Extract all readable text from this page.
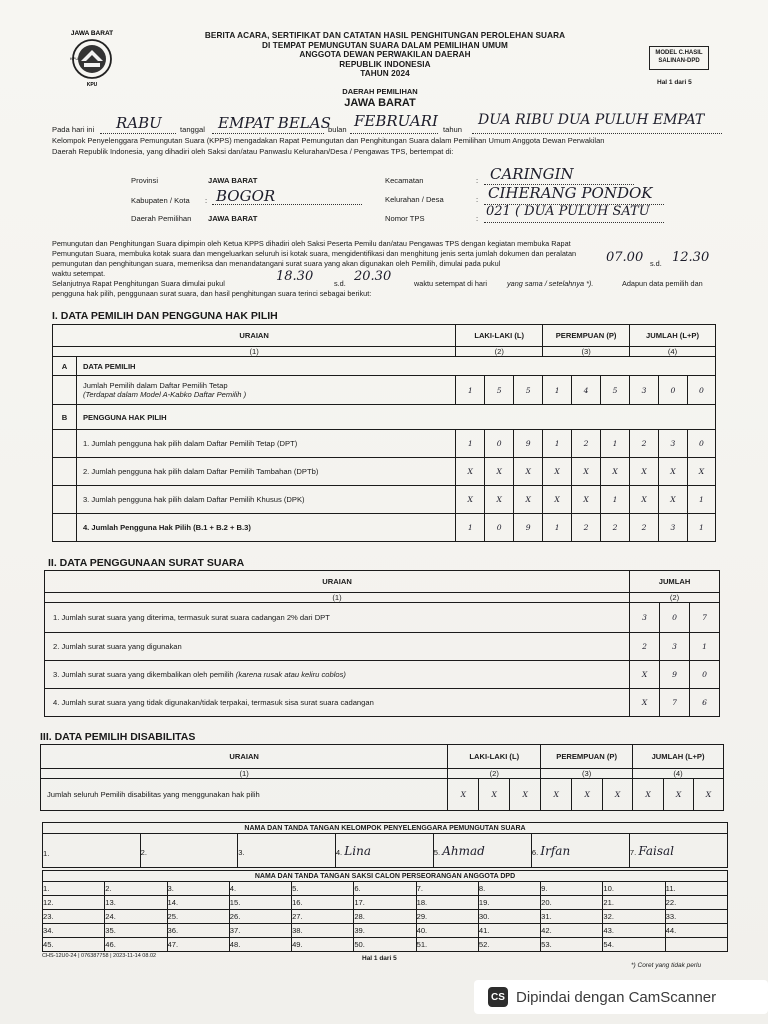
JAWA BARAT
KPU
KPU
BERITA ACARA, SERTIFIKAT DAN CATATAN HASIL PENGHITUNGAN PEROLEHAN SUARA
DI TEMPAT PEMUNGUTAN SUARA DALAM PEMILIHAN UMUM
ANGGOTA DEWAN PERWAKILAN DAERAH
REPUBLIK INDONESIA
TAHUN 2024
MODEL C.HASIL
SALINAN-DPD
Hal 1 dari 5
DAERAH PEMILIHAN
JAWA BARAT
Pada hari ini RABU tanggal EMPAT BELAS
bulan FEBRUARI tahun
DUA RIBU DUA PULUH EMPAT
Kelompok Penyelenggara Pemungutan Suara (KPPS) mengadakan Rapat Pemungutan dan Penghitungan Suara dalam Pemilihan Umum Anggota Dewan Perwakilan
Daerah Republik Indonesia, yang dihadiri oleh Saksi dan/atau Panwaslu Kelurahan/Desa / Pengawas TPS, bertempat di:
Provinsi	JAWA BARAT
Kabupaten / Kota : BOGOR
Daerah Pemilihan JAWA BARAT
Kecamatan	: CARINGIN
Kelurahan / Desa	: CIHERANG PONDOK
Nomor TPS	: 021 ( DUA PULUH SATU
Pemungutan dan Penghitungan Suara dipimpin oleh Ketua KPPS dihadiri oleh Saksi Peserta Pemilu dan/atau Pengawas TPS dengan kegiatan membuka Rapat
Pemungutan Suara, membuka kotak suara dan mengeluarkan seluruh isi kotak suara, mengidentifikasi dan menghitung jenis serta jumlah dokumen dan peralatan
pemungutan dan penghitungan suara, memeriksa dan menandatangani surat suara yang akan digunakan oleh Pemilih, dimulai pada pukul	07.00 s.d. 12.30
waktu setempat.
Selanjutnya Rapat Penghitungan Suara dimulai pukul	18.30	s.d. 20.30	waktu setempat di hari	yang sama / setelahnya *).	Adapun data pemilih dan
pengguna hak pilih, penggunaan surat suara, dan hasil penghitungan suara terinci sebagai berikut:
I. DATA PEMILIH DAN PENGGUNA HAK PILIH
URAIAN		LAKI-LAKI (L)			PEREMPUAN (P)			JUMLAH (L+P)		
(1)		(2)			(3)			(4)		
A	DATA PEMILIH									

	Jumlah Pemilih dalam Daftar Pemilih Tetap
(Terdapat dalam Model A-Kabko Daftar Pemilih )	1	5	5	1	4	5	3	0	0
B	PENGGUNA HAK PILIH									
	1. Jumlah pengguna hak pilih dalam Daftar Pemilih Tetap (DPT)	1	0	9	1	2	1	2	3	0
	2. Jumlah pengguna hak pilih dalam Daftar Pemilih Tambahan (DPTb)	X	X	X	X	X	X	X	X	X
	3. Jumlah pengguna hak pilih dalam Daftar Pemilih Khusus (DPK)	X	X	X	X	X	1	X	X	1
	4. Jumlah Pengguna Hak Pilih (B.1 + B.2 + B.3)	1	0	9	1	2	2	2	3	1
II. DATA PENGGUNAAN SURAT SUARA
URAIAN	JUMLAH		
(1)	(2)		
1. Jumlah surat suara yang diterima, termasuk surat suara cadangan 2% dari DPT	3	0	7
2. Jumlah surat suara yang digunakan	2	3	1
3. Jumlah surat suara yang dikembalikan oleh pemilih (karena rusak atau keliru coblos)	X	9	0
4. Jumlah surat suara yang tidak digunakan/tidak terpakai, termasuk sisa surat suara cadangan	X	7	6
III. DATA PEMILIH DISABILITAS
URAIAN	LAKI-LAKI (L)			PEREMPUAN (P)			JUMLAH (L+P)		
(1)	(2)			(3)			(4)		
Jumlah seluruh Pemilih disabilitas yang menggunakan hak pilih	X	X	X	X	X	X	X	X	X
NAMA DAN TANDA TANGAN KELOMPOK PENYELENGGARA PEMUNGUTAN SUARA
1.	2.	3.	4. Lina	5. Ahmad	6. Irfan	7. Faisal
NAMA DAN TANDA TANGAN SAKSI CALON PERSEORANGAN ANGGOTA DPD										
1.	2.	3.	4.	5.	6.	7.	8.	9.	10.	11.
12.	13.	14.	15.	16.	17.	18.	19.	20.	21.	22.
23.	24.	25.	26.	27.	28.	29.	30.	31.	32.	33.
34.	35.	36.	37.	38.	39.	40.	41.	42.	43.	44.
45.	46.	47.	48.	49.	50.	51.	52.	53.	54.	
CHS-12U0-24 | 076387758 | 2023-11-14 08.02	Hal 1 dari 5
*) Coret yang tidak perlu
CS Dipindai dengan CamScanner
